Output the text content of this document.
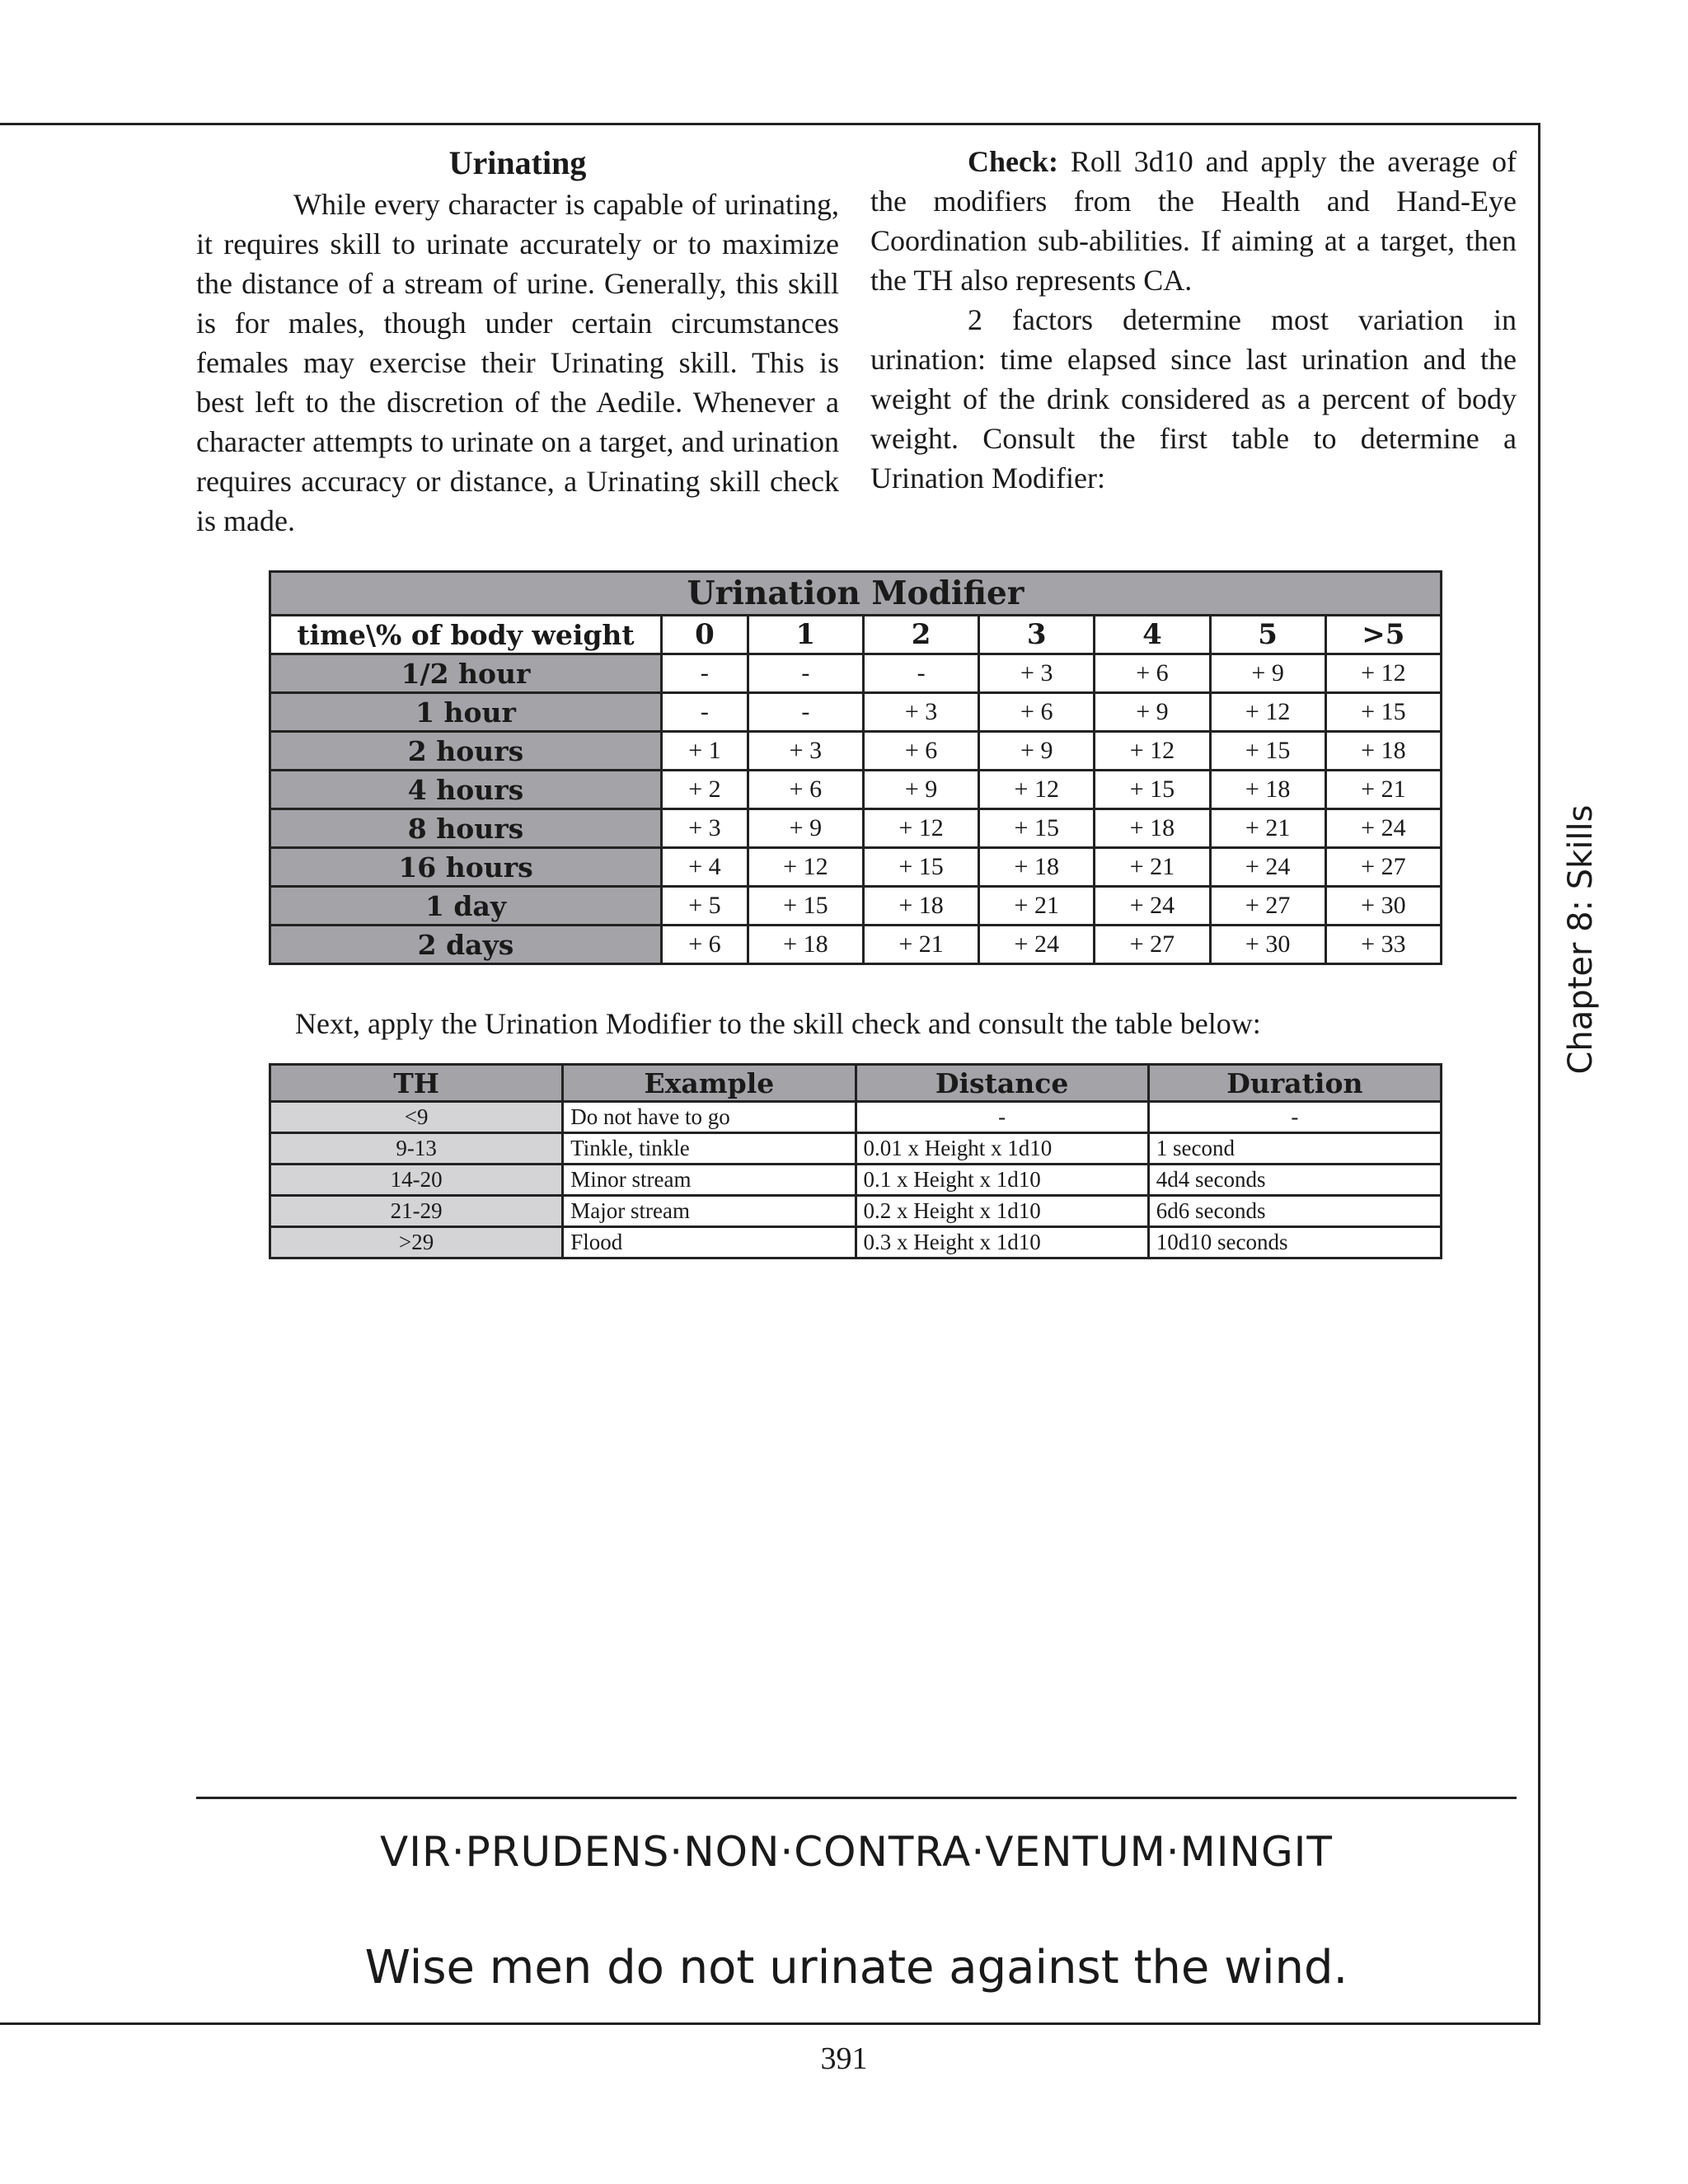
Urinating

While every character is capable of urinating, it requires skill to urinate accurately or to maximize the distance of a stream of urine. Generally, this skill is for males, though under certain circumstances females may exercise their Urinating skill. This is best left to the discretion of the Aedile. Whenever a character attempts to urinate on a target, and urination requires accuracy or distance, a Urinating skill check is made.

Check: Roll 3d10 and apply the average of the modifiers from the Health and Hand-Eye Coordination sub-abilities. If aiming at a target, then the TH also represents CA.

2 factors determine most variation in urination: time elapsed since last urination and the weight of the drink considered as a percent of body weight. Consult the first table to determine a Urination Modifier:

Urination Modifier							
time\% of body weight	0	1	2	3	4	5	>5
1/2 hour	-	-	-	+ 3	+ 6	+ 9	+ 12
1 hour	-	-	+ 3	+ 6	+ 9	+ 12	+ 15
2 hours	+ 1	+ 3	+ 6	+ 9	+ 12	+ 15	+ 18
4 hours	+ 2	+ 6	+ 9	+ 12	+ 15	+ 18	+ 21
8 hours	+ 3	+ 9	+ 12	+ 15	+ 18	+ 21	+ 24
16 hours	+ 4	+ 12	+ 15	+ 18	+ 21	+ 24	+ 27
1 day	+ 5	+ 15	+ 18	+ 21	+ 24	+ 27	+ 30
2 days	+ 6	+ 18	+ 21	+ 24	+ 27	+ 30	+ 33
Next, apply the Urination Modifier to the skill check and consult the table below:
TH	Example	Distance	Duration
<9	Do not have to go	-	-
9-13	Tinkle, tinkle	0.01 x Height x 1d10	1 second
14-20	Minor stream	0.1 x Height x 1d10	4d4 seconds
21-29	Major stream	0.2 x Height x 1d10	6d6 seconds
>29	Flood	0.3 x Height x 1d10	10d10 seconds
Chapter 8: Skills
VIR·PRUDENS·NON·CONTRA·VENTUM·MINGIT
Wise men do not urinate against the wind.
391
